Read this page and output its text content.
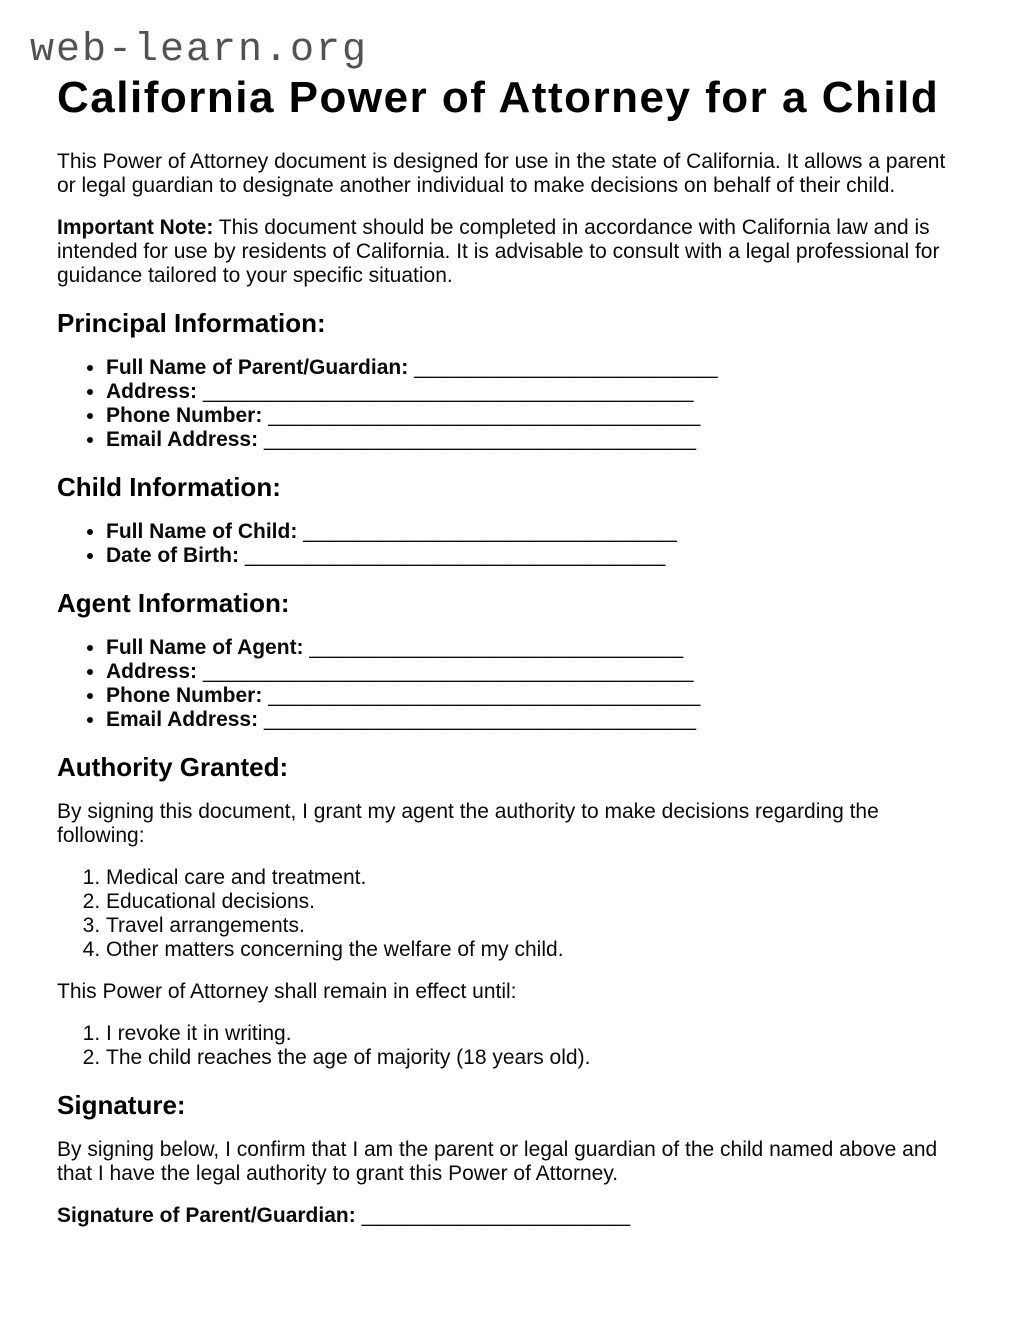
web-learn.org
California Power of Attorney for a Child

This Power of Attorney document is designed for use in the state of California. It allows a parent or legal guardian to designate another individual to make decisions on behalf of their child.

Important Note: This document should be completed in accordance with California law and is intended for use by residents of California. It is advisable to consult with a legal professional for guidance tailored to your specific situation.

Principal Information:
• Full Name of Parent/Guardian: __________________________
• Address: __________________________________________
• Phone Number: _____________________________________
• Email Address: _____________________________________
Child Information:
• Full Name of Child: ________________________________
• Date of Birth: ____________________________________
Agent Information:
• Full Name of Agent: ________________________________
• Address: __________________________________________
• Phone Number: _____________________________________
• Email Address: _____________________________________
Authority Granted:

By signing this document, I grant my agent the authority to make decisions regarding the following:

1. Medical care and treatment.
2. Educational decisions.
3. Travel arrangements.
4. Other matters concerning the welfare of my child.

This Power of Attorney shall remain in effect until:

1. I revoke it in writing.
2. The child reaches the age of majority (18 years old).
Signature:

By signing below, I confirm that I am the parent or legal guardian of the child named above and that I have the legal authority to grant this Power of Attorney.

Signature of Parent/Guardian: _______________________
